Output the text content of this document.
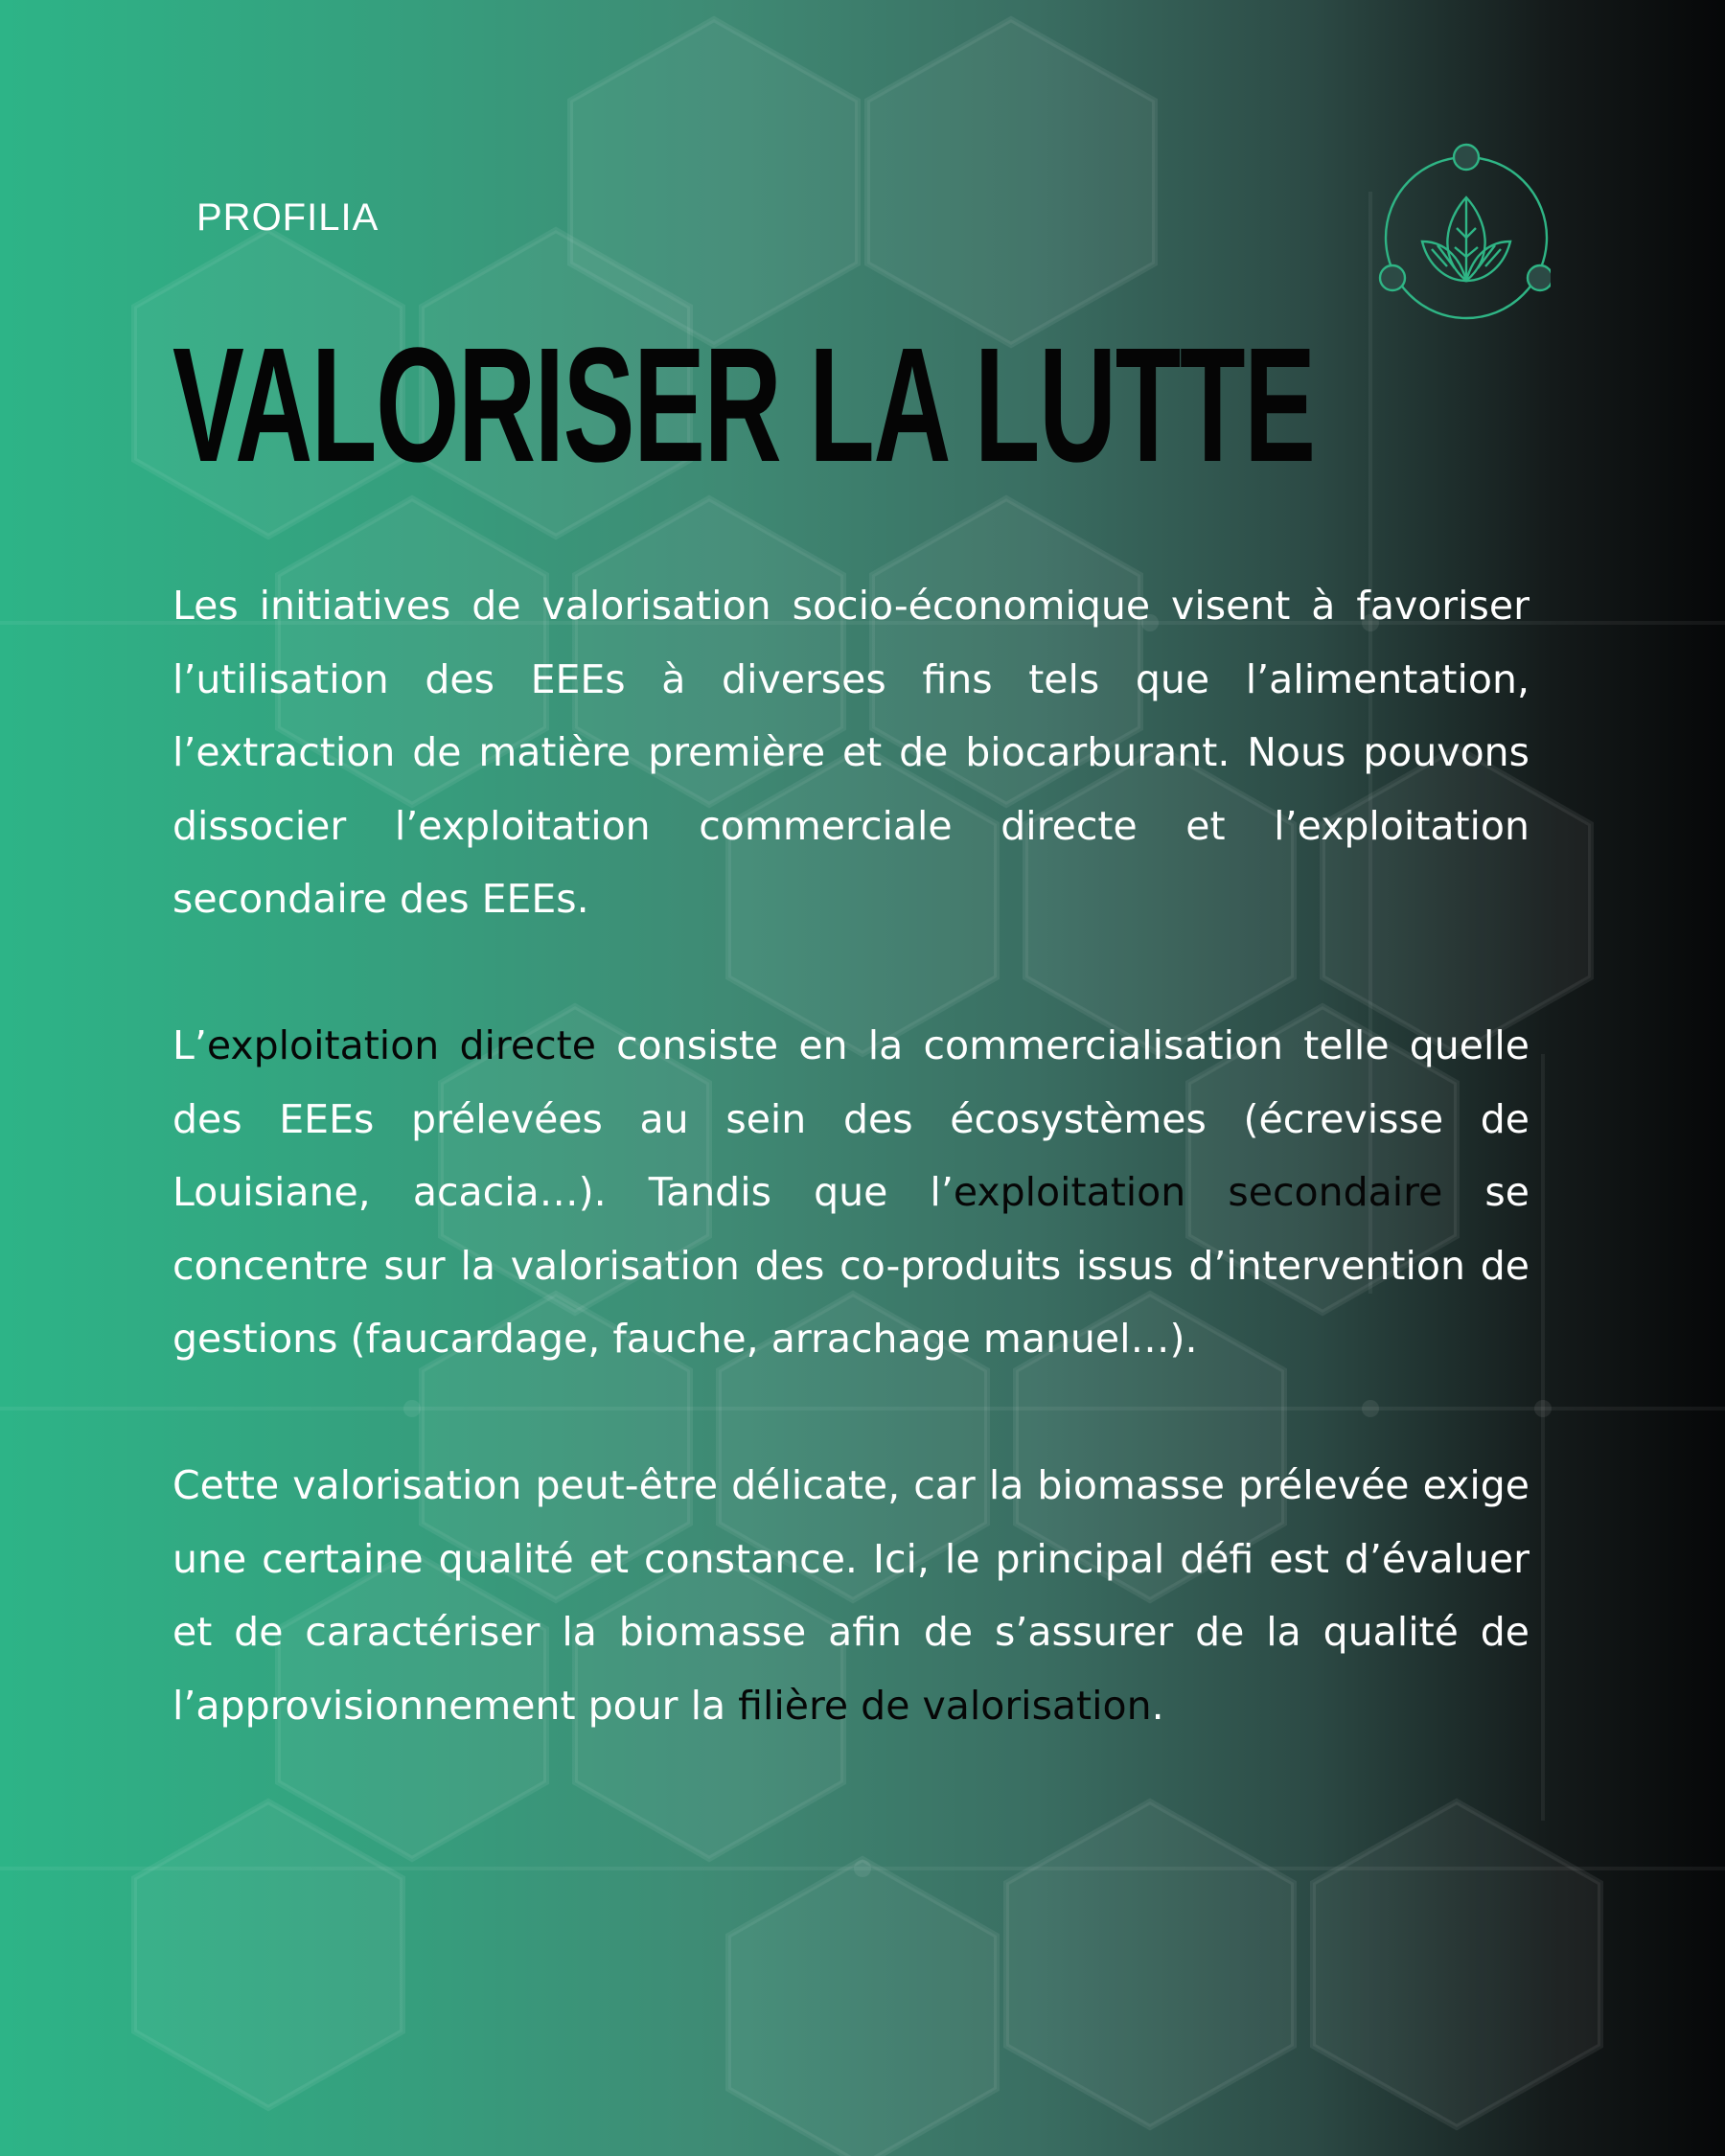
PROFILIA
VALORISER LA LUTTE

Les initiatives de valorisation socio-économique visent à favoriser l’utilisation des EEEs à diverses fins tels que l’alimentation, l’extraction de matière première et de biocarburant. Nous pouvons dissocier l’exploitation commerciale directe et l’exploitation secondaire des EEEs.

L’exploitation directe consiste en la commercialisation telle quelle des EEEs prélevées au sein des écosystèmes (écrevisse de Louisiane, acacia…). Tandis que l’exploitation secondaire se concentre sur la valorisation des co-produits issus d’intervention de gestions (faucardage, fauche, arrachage manuel…).

Cette valorisation peut-être délicate, car la biomasse prélevée exige une certaine qualité et constance. Ici, le principal défi est d’évaluer et de caractériser la biomasse afin de s’assurer de la qualité de l’approvisionnement pour la filière de valorisation.
